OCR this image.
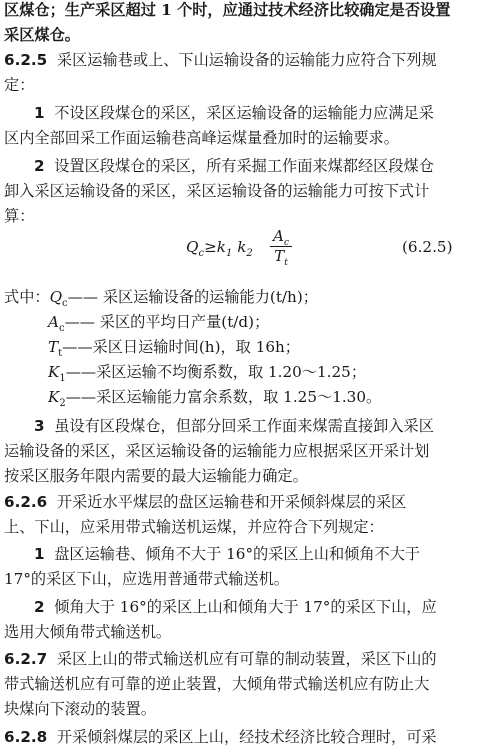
区煤仓；生产采区超过 1 个时，应通过技术经济比较确定是否设置
采区煤仓。
6.2.5 采区运输巷或上、下山运输设备的运输能力应符合下列规
定：
1 不设区段煤仓的采区，采区运输设备的运输能力应满足采
区内全部回采工作面运输巷高峰运煤量叠加时的运输要求。
2 设置区段煤仓的采区，所有采掘工作面来煤都经区段煤仓
卸入采区运输设备的采区，采区运输设备的运输能力可按下式计
算：
$Q_c\ge k_1$ $k_2$
$A_c$
$T_t$
(6.2.5)
式中：$Q_c——$ 采区运输设备的运输能力(t/h)；
$A_c——$ 采区的平均日产量(t/d)；
$T_t——$采区日运输时间(h)，取 16h；
$K_1——$采区运输不均衡系数，取 1.20～1.25；
$K_2——$采区运输能力富余系数，取 1.25～1.30。
3 虽设有区段煤仓，但部分回采工作面来煤需直接卸入采区
运输设备的采区，采区运输设备的运输能力应根据采区开采计划
按采区服务年限内需要的最大运输能力确定。
6.2.6 开采近水平煤层的盘区运输巷和开采倾斜煤层的采区
上、下山，应采用带式输送机运煤，并应符合下列规定：
1 盘区运输巷、倾角不大于 16°的采区上山和倾角不大于
17°的采区下山，应选用普通带式输送机。
2 倾角大于 16°的采区上山和倾角大于 17°的采区下山，应
选用大倾角带式输送机。
6.2.7 采区上山的带式输送机应有可靠的制动装置，采区下山的
带式输送机应有可靠的逆止装置，大倾角带式输送机应有防止大
块煤向下滚动的装置。
6.2.8 开采倾斜煤层的采区上山，经技术经济比较合理时，可采
